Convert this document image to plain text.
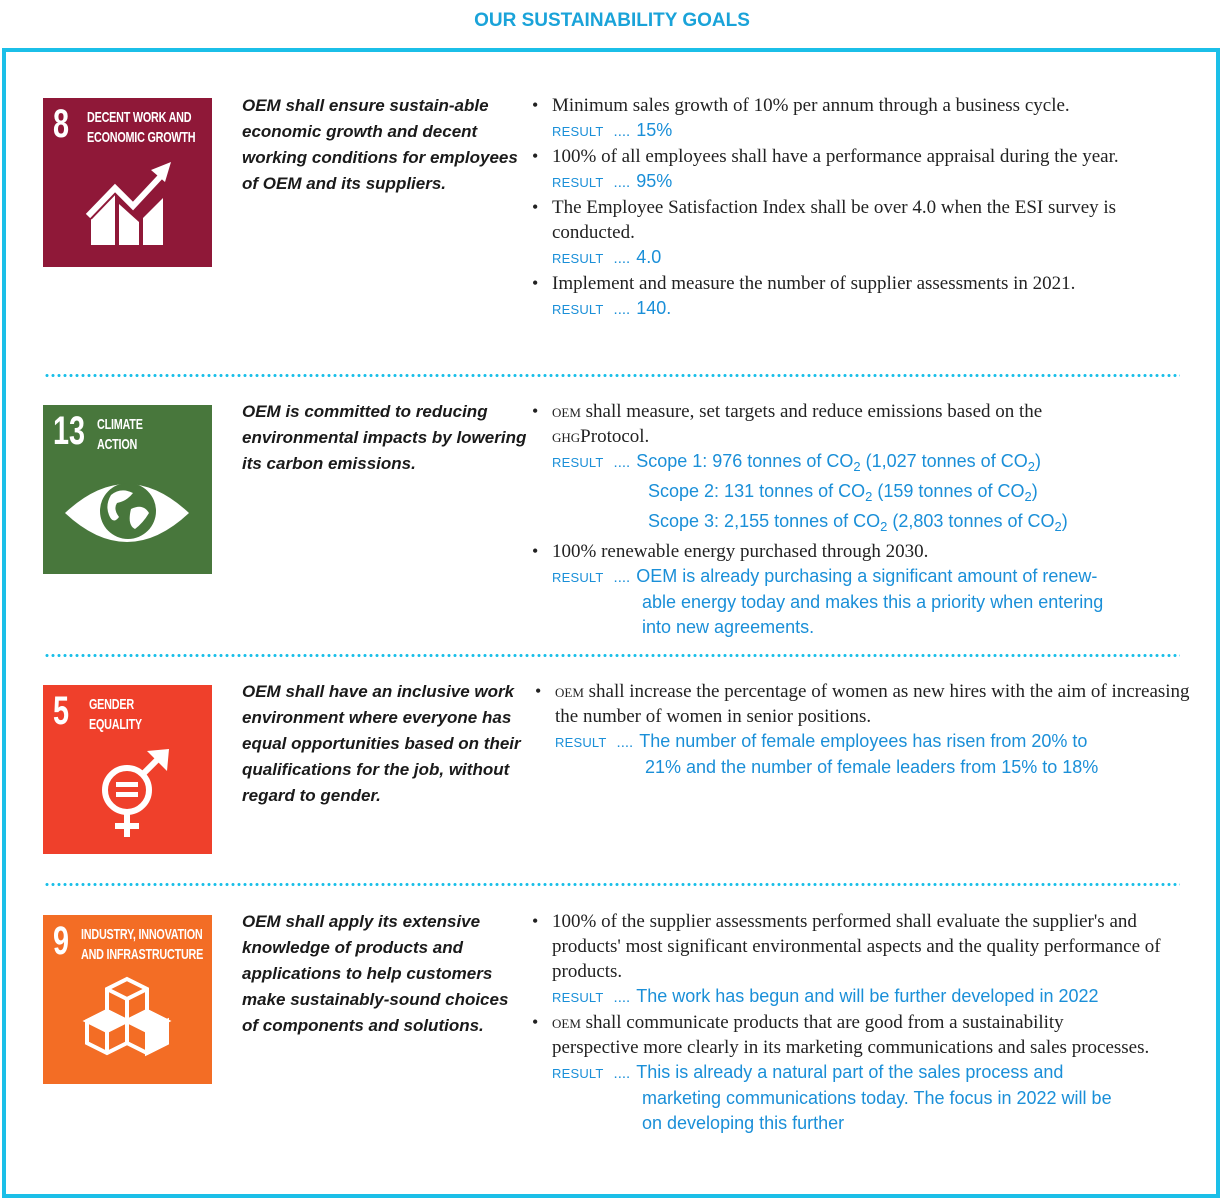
OUR SUSTAINABILITY GOALS
8 DECENT WORK AND
ECONOMIC GROWTH
OEM shall ensure sustain-able economic growth and decent working conditions for employees of OEM and its suppliers.
• Minimum sales growth of 10% per annum through a business cycle.
RESULT .... 15%
• 100% of all employees shall have a performance appraisal during the year.
RESULT .... 95%
• The Employee Satisfaction Index shall be over 4.0 when the ESI survey is conducted.
RESULT .... 4.0
• Implement and measure the number of supplier assessments in 2021.
RESULT .... 140.
13 CLIMATE
ACTION
OEM is committed to reducing environmental impacts by lowering its carbon emissions.
• oem shall measure, set targets and reduce emissions based on the ghgProtocol.
RESULT .... Scope 1: 976 tonnes of $CO_2$ (1,027 tonnes of $CO_2$)
Scope 2: 131 tonnes of $CO_2$ (159 tonnes of $CO_2$)
Scope 3: 2,155 tonnes of $CO_2$ (2,803 tonnes of $CO_2$)
• 100% renewable energy purchased through 2030.
RESULT .... OEM is already purchasing a significant amount of renew-
able energy today and makes this a priority when entering
into new agreements.
5 GENDER
EQUALITY
OEM shall have an inclusive work environment where everyone has equal opportunities based on their qualifications for the job, without regard to gender.
• oem shall increase the percentage of women as new hires with the aim of increasing the number of women in senior positions.
RESULT .... The number of female employees has risen from 20% to
21% and the number of female leaders from 15% to 18%
9 INDUSTRY, INNOVATION
AND INFRASTRUCTURE
OEM shall apply its extensive knowledge of products and applications to help customers make sustainably-sound choices of components and solutions.
• 100% of the supplier assessments performed shall evaluate the supplier's and products' most significant environmental aspects and the quality performance of products.
RESULT .... The work has begun and will be further developed in 2022
• oem shall communicate products that are good from a sustainability perspective more clearly in its marketing communications and sales processes.
RESULT .... This is already a natural part of the sales process and
marketing communications today. The focus in 2022 will be
on developing this further
